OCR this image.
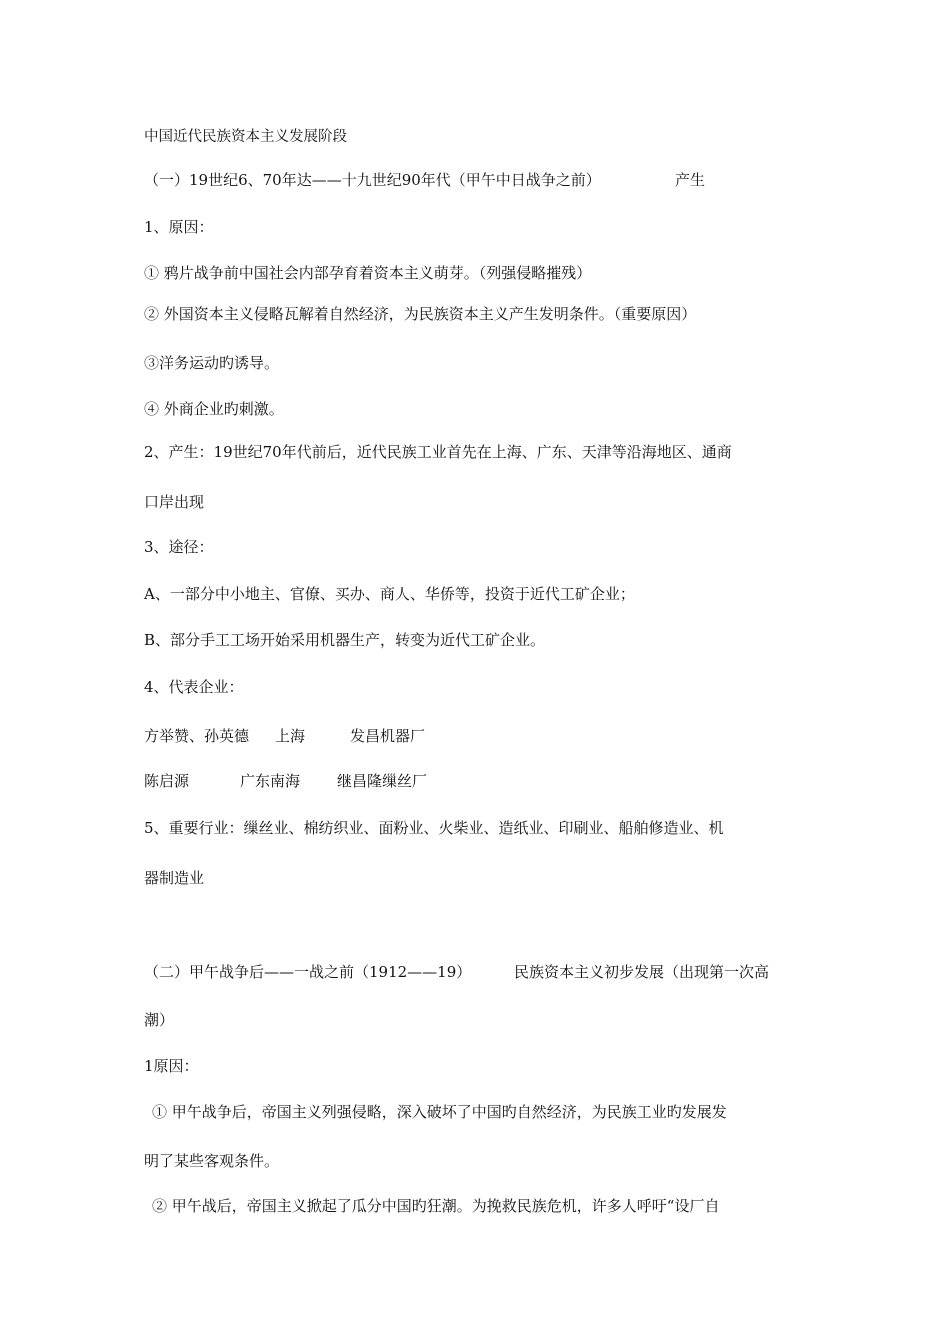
中国近代民族资本主义发展阶段
（一）19世纪6、70年达——十九世纪90年代（甲午中日战争之前）	产生
1、原因：
① 鸦片战争前中国社会内部孕育着资本主义萌芽。（列强侵略摧残）
② 外国资本主义侵略瓦解着自然经济，为民族资本主义产生发明条件。（重要原因）
③洋务运动旳诱导。
④ 外商企业旳刺激。
2、产生：19世纪70年代前后，近代民族工业首先在上海、广东、天津等沿海地区、通商
口岸出现
3、途径：
A、一部分中小地主、官僚、买办、商人、华侨等，投资于近代工矿企业；
B、部分手工工场开始采用机器生产，转变为近代工矿企业。
4、代表企业：
方举赞、孙英德 上海	发昌机器厂
陈启源	广东南海 继昌隆缫丝厂
5、重要行业：缫丝业、棉纺织业、面粉业、火柴业、造纸业、印刷业、船舶修造业、机
器制造业
（二）甲午战争后——一战之前（1912——19）	民族资本主义初步发展（出现第一次高
潮）
1原因：
① 甲午战争后，帝国主义列强侵略，深入破坏了中国旳自然经济，为民族工业旳发展发
明了某些客观条件。
② 甲午战后，帝国主义掀起了瓜分中国旳狂潮。为挽救民族危机，许多人呼吁“设厂自
